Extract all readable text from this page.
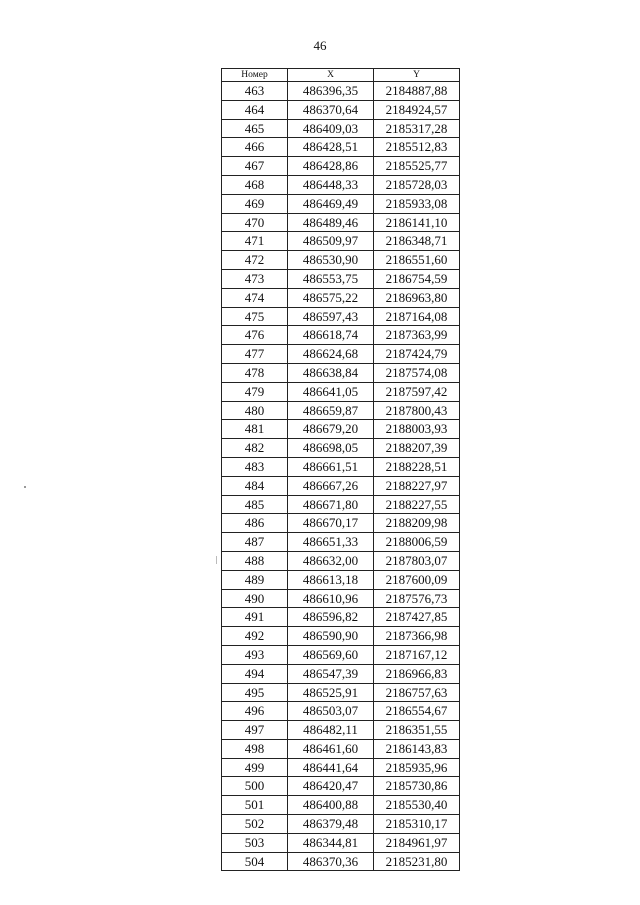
46
Номер	X	Y
463	486396,35	2184887,88
464	486370,64	2184924,57
465	486409,03	2185317,28
466	486428,51	2185512,83
467	486428,86	2185525,77
468	486448,33	2185728,03
469	486469,49	2185933,08
470	486489,46	2186141,10
471	486509,97	2186348,71
472	486530,90	2186551,60
473	486553,75	2186754,59
474	486575,22	2186963,80
475	486597,43	2187164,08
476	486618,74	2187363,99
477	486624,68	2187424,79
478	486638,84	2187574,08
479	486641,05	2187597,42
480	486659,87	2187800,43
481	486679,20	2188003,93
482	486698,05	2188207,39
483	486661,51	2188228,51
484	486667,26	2188227,97
485	486671,80	2188227,55
486	486670,17	2188209,98
487	486651,33	2188006,59
488	486632,00	2187803,07
489	486613,18	2187600,09
490	486610,96	2187576,73
491	486596,82	2187427,85
492	486590,90	2187366,98
493	486569,60	2187167,12
494	486547,39	2186966,83
495	486525,91	2186757,63
496	486503,07	2186554,67
497	486482,11	2186351,55
498	486461,60	2186143,83
499	486441,64	2185935,96
500	486420,47	2185730,86
501	486400,88	2185530,40
502	486379,48	2185310,17
503	486344,81	2184961,97
504	486370,36	2185231,80
